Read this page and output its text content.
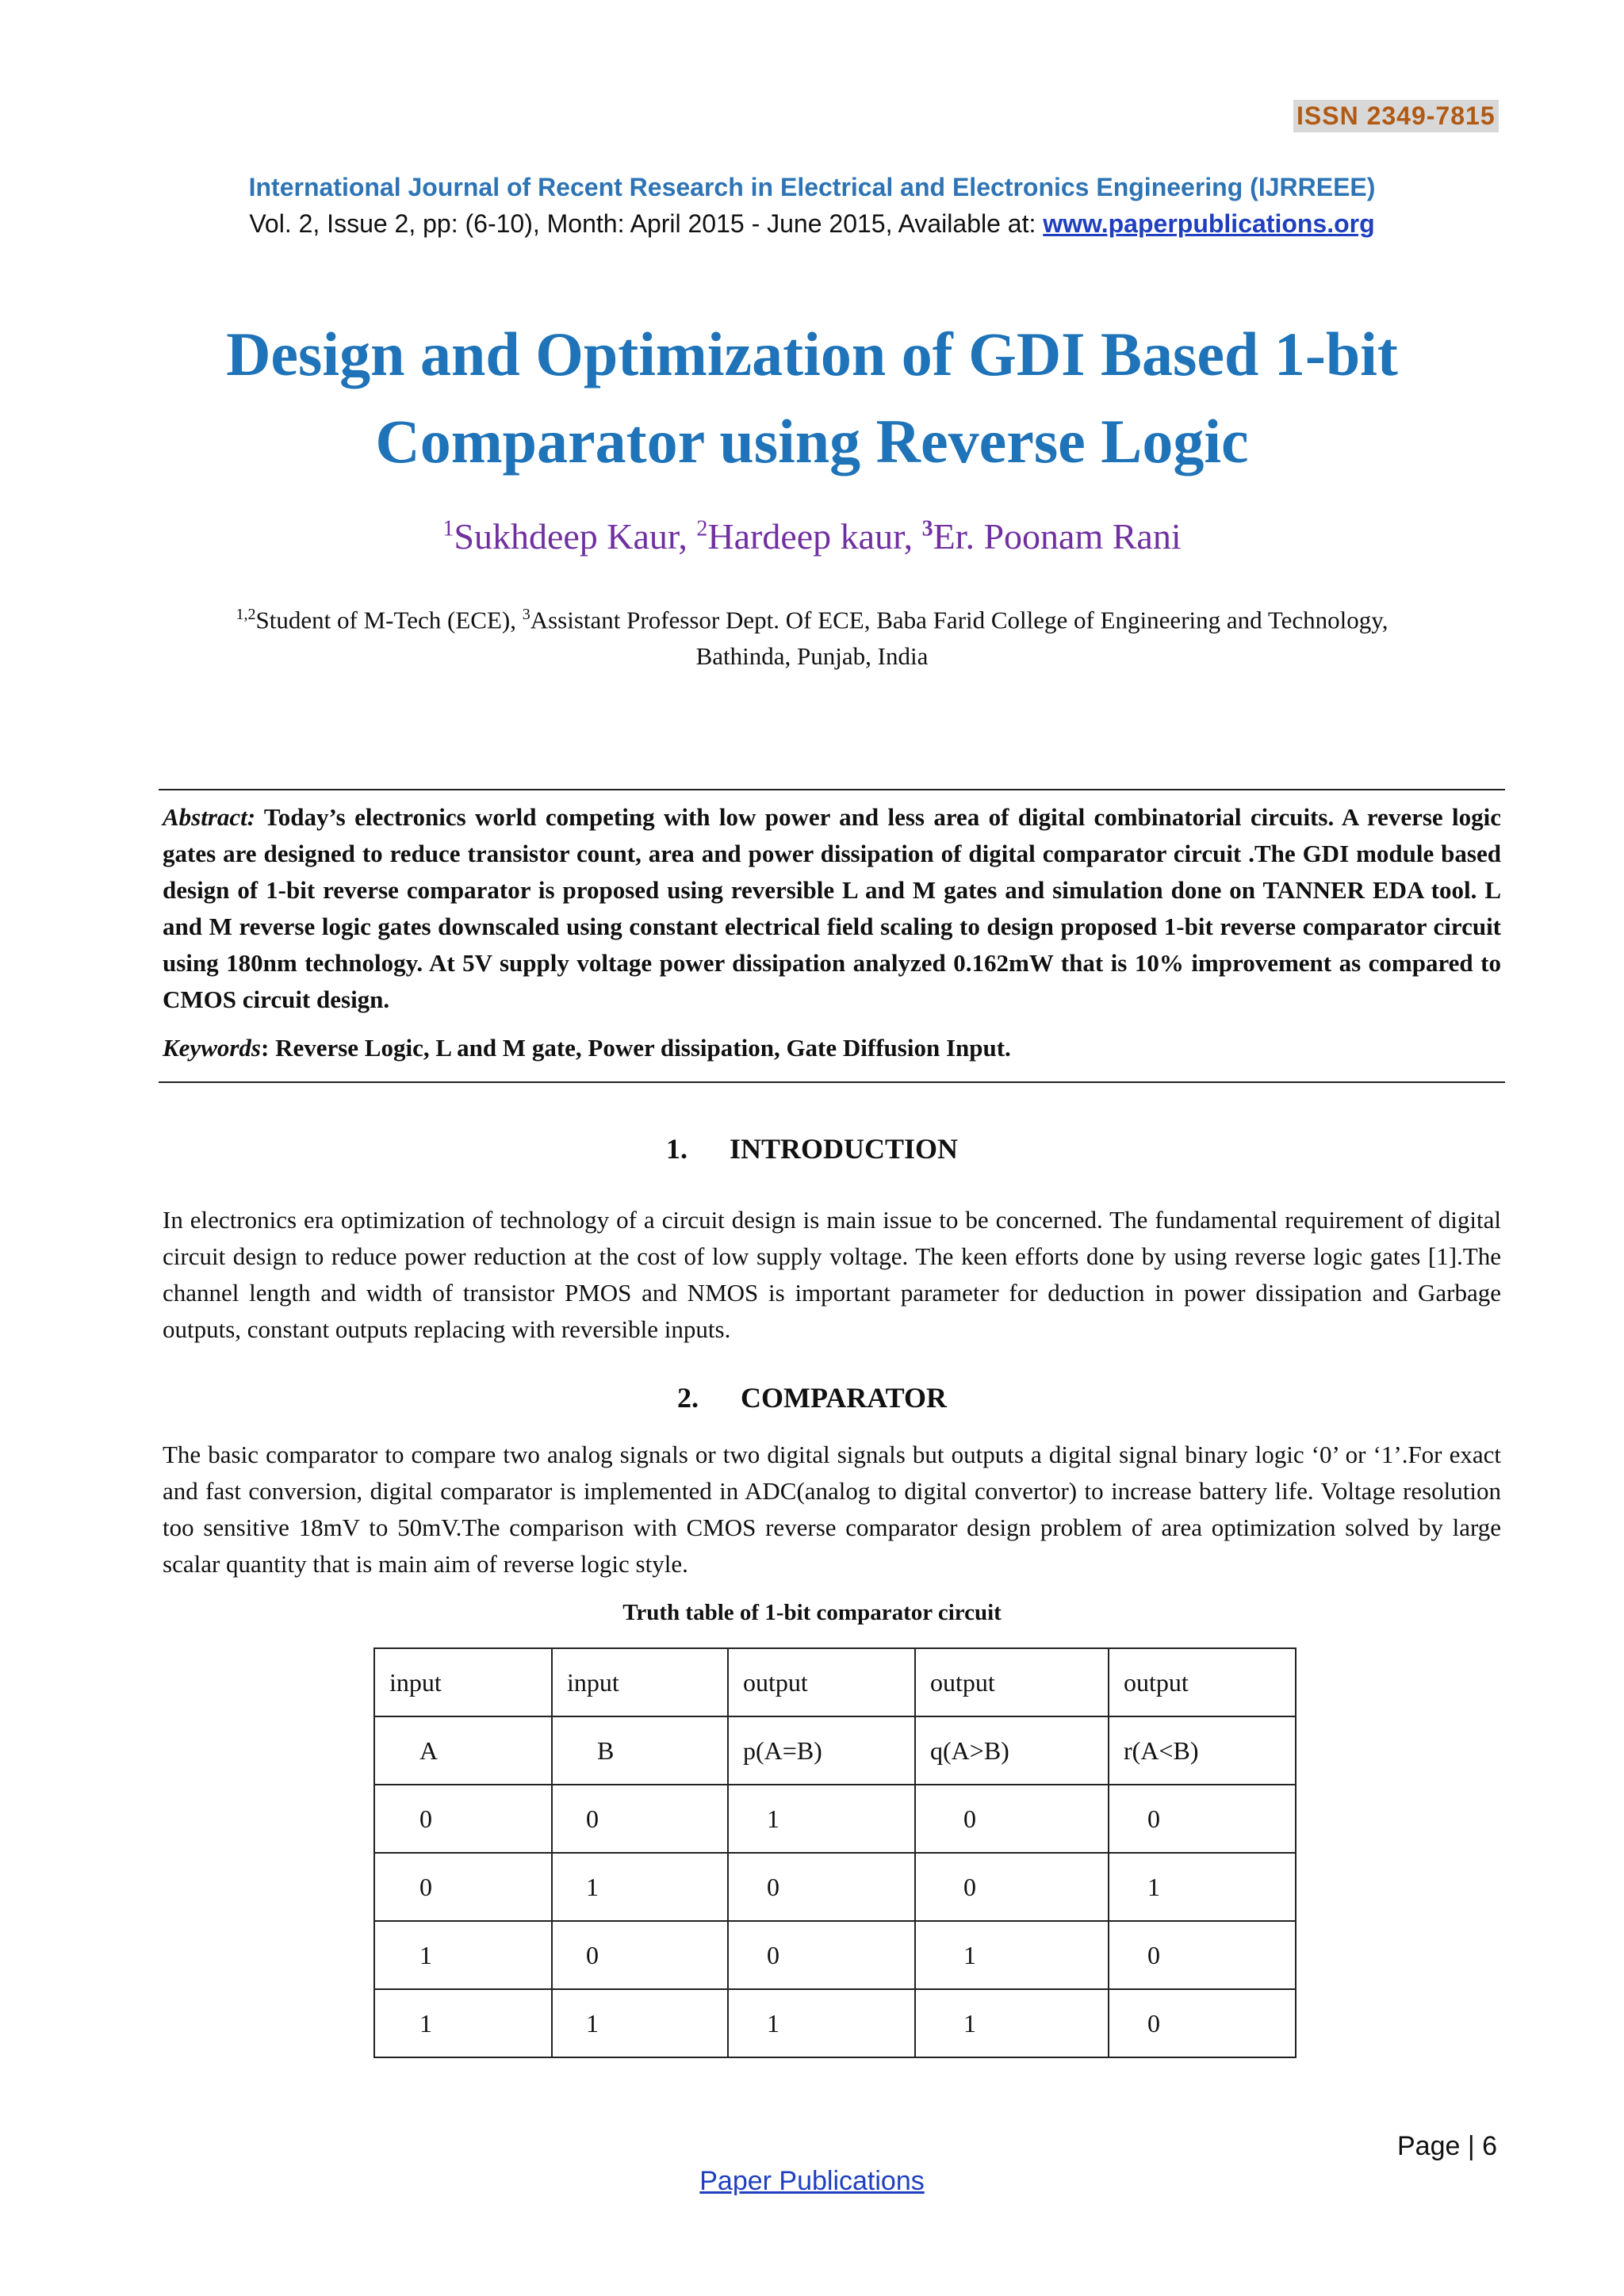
ISSN 2349-7815
International Journal of Recent Research in Electrical and Electronics Engineering (IJRREEE)
Vol. 2, Issue 2, pp: (6-10), Month: April 2015 - June 2015, Available at: www.paperpublications.org
Design and Optimization of GDI Based 1-bit
Comparator using Reverse Logic
$^1$Sukhdeep Kaur, $^2$Hardeep kaur, $^3$Er. Poonam Rani
$^{1,2}$Student of M-Tech (ECE), $^3$Assistant Professor Dept. Of ECE, Baba Farid College of Engineering and Technology,
Bathinda, Punjab, India
Abstract: Today’s electronics world competing with low power and less area of digital combinatorial circuits. A reverse logic gates are designed to reduce transistor count, area and power dissipation of digital comparator circuit .The GDI module based design of 1-bit reverse comparator is proposed using reversible L and M gates and simulation done on TANNER EDA tool. L and M reverse logic gates downscaled using constant electrical field scaling to design proposed 1-bit reverse comparator circuit using 180nm technology. At 5V supply voltage power dissipation analyzed 0.162mW that is 10% improvement as compared to CMOS circuit design.
Keywords: Reverse Logic, L and M gate, Power dissipation, Gate Diffusion Input.
1. INTRODUCTION
In electronics era optimization of technology of a circuit design is main issue to be concerned. The fundamental requirement of digital circuit design to reduce power reduction at the cost of low supply voltage. The keen efforts done by using reverse logic gates [1].The channel length and width of transistor PMOS and NMOS is important parameter for deduction in power dissipation and Garbage outputs, constant outputs replacing with reversible inputs.
2. COMPARATOR
The basic comparator to compare two analog signals or two digital signals but outputs a digital signal binary logic ‘0’ or ‘1’.For exact and fast conversion, digital comparator is implemented in ADC(analog to digital convertor) to increase battery life. Voltage resolution too sensitive 18mV to 50mV.The comparison with CMOS reverse comparator design problem of area optimization solved by large scalar quantity that is main aim of reverse logic style.
Truth table of 1-bit comparator circuit
input	input	output	output	output
A	B	p(A=B)	q(A>B)	r(A<B)
0	0	1	0	0
0	1	0	0	1
1	0	0	1	0
1	1	1	1	0
Page | 6
Paper Publications
